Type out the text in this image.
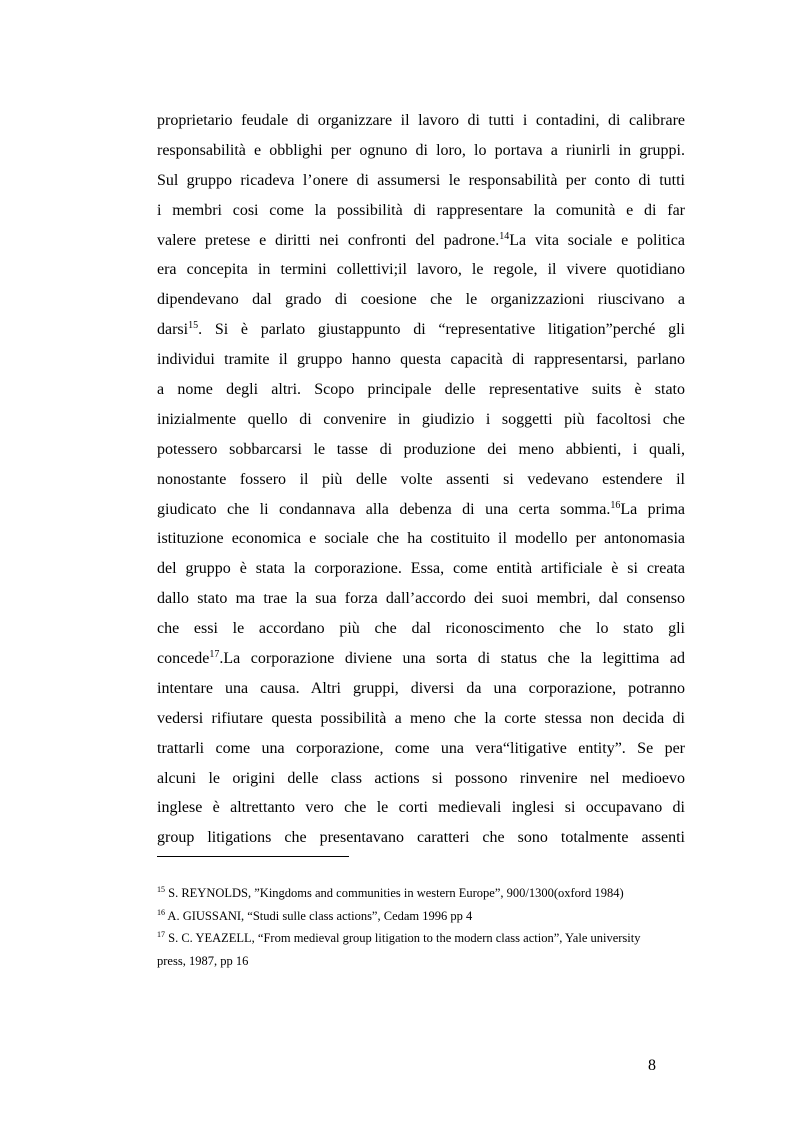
proprietario feudale di organizzare il lavoro di tutti i contadini, di calibrare
responsabilità e obblighi per ognuno di loro, lo portava a riunirli in gruppi.
Sul gruppo ricadeva l’onere di assumersi le responsabilità per conto di tutti
i membri cosi come la possibilità di rappresentare la comunità e di far
valere pretese e diritti nei confronti del padrone.$^{14}$La vita sociale e politica
era concepita in termini collettivi;il lavoro, le regole, il vivere quotidiano
dipendevano dal grado di coesione che le organizzazioni riuscivano a
darsi$^{15}$. Si è parlato giustappunto di “representative litigation”perché gli
individui tramite il gruppo hanno questa capacità di rappresentarsi, parlano
a nome degli altri. Scopo principale delle representative suits è stato
inizialmente quello di convenire in giudizio i soggetti più facoltosi che
potessero sobbarcarsi le tasse di produzione dei meno abbienti, i quali,
nonostante fossero il più delle volte assenti si vedevano estendere il
giudicato che li condannava alla debenza di una certa somma.$^{16}$La prima
istituzione economica e sociale che ha costituito il modello per antonomasia
del gruppo è stata la corporazione. Essa, come entità artificiale è si creata
dallo stato ma trae la sua forza dall’accordo dei suoi membri, dal consenso
che essi le accordano più che dal riconoscimento che lo stato gli
concede$^{17}$.La corporazione diviene una sorta di status che la legittima ad
intentare una causa. Altri gruppi, diversi da una corporazione, potranno
vedersi rifiutare questa possibilità a meno che la corte stessa non decida di
trattarli come una corporazione, come una vera“litigative entity”. Se per
alcuni le origini delle class actions si possono rinvenire nel medioevo
inglese è altrettanto vero che le corti medievali inglesi si occupavano di
group litigations che presentavano caratteri che sono totalmente assenti
$^{15}$ S. REYNOLDS, ”Kingdoms and communities in western Europe”, 900/1300(oxford 1984)
$^{16}$ A. GIUSSANI, “Studi sulle class actions”, Cedam 1996 pp 4
$^{17}$ S. C. YEAZELL, “From medieval group litigation to the modern class action”, Yale university
press, 1987, pp 16
8
